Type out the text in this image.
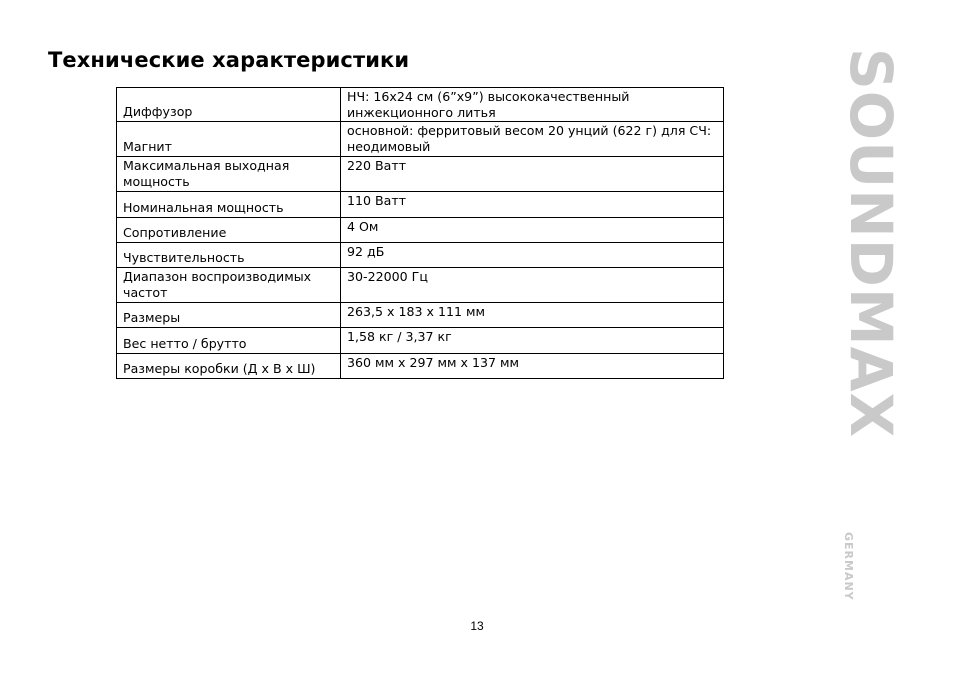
Технические характеристики
Диффузор	НЧ: 16х24 см (6”х9”) высококачественный инжекционного литья
Магнит	основной: ферритовый весом 20 унций (622 г) для СЧ: неодимовый
Максимальная выходная мощность	220 Ватт
Номинальная мощность	110 Ватт
Сопротивление	4 Ом
Чувствительность	92 дБ
Диапазон воспроизводимых частот	30-22000 Гц
Размеры	263,5 х 183 х 111 мм
Вес нетто / брутто	1,58 кг / 3,37 кг
Размеры коробки (Д х В х Ш)	360 мм х 297 мм х 137 мм	SOUNDMAX
GERMANY
13
